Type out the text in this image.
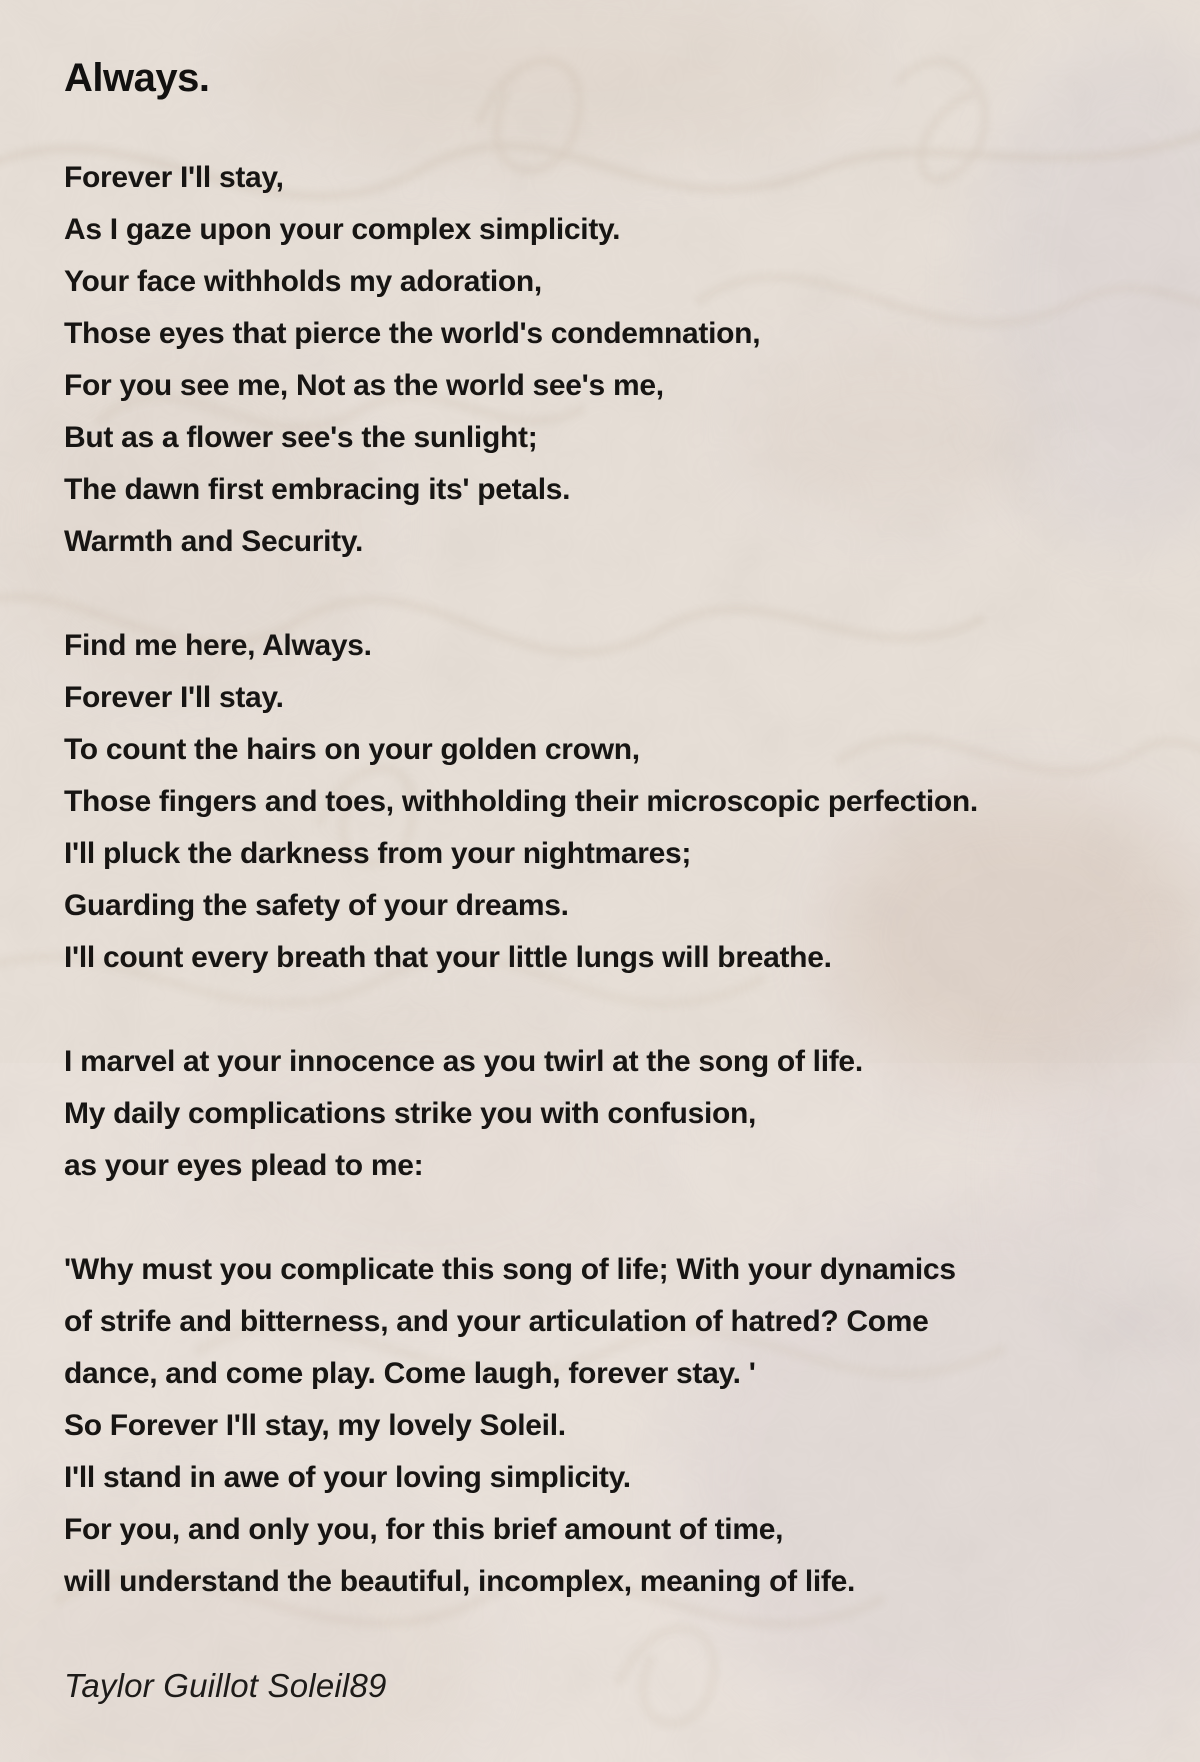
Always.

Forever I'll stay,

As I gaze upon your complex simplicity.

Your face withholds my adoration,

Those eyes that pierce the world's condemnation,

For you see me, Not as the world see's me,

But as a flower see's the sunlight;

The dawn first embracing its' petals.

Warmth and Security.

Find me here, Always.

Forever I'll stay.

To count the hairs on your golden crown,

Those fingers and toes, withholding their microscopic perfection.

I'll pluck the darkness from your nightmares;

Guarding the safety of your dreams.

I'll count every breath that your little lungs will breathe.

I marvel at your innocence as you twirl at the song of life.

My daily complications strike you with confusion,

as your eyes plead to me:

'Why must you complicate this song of life; With your dynamics

of strife and bitterness, and your articulation of hatred? Come

dance, and come play. Come laugh, forever stay. '

So Forever I'll stay, my lovely Soleil.

I'll stand in awe of your loving simplicity.

For you, and only you, for this brief amount of time,

will understand the beautiful, incomplex, meaning of life.

Taylor Guillot Soleil89
